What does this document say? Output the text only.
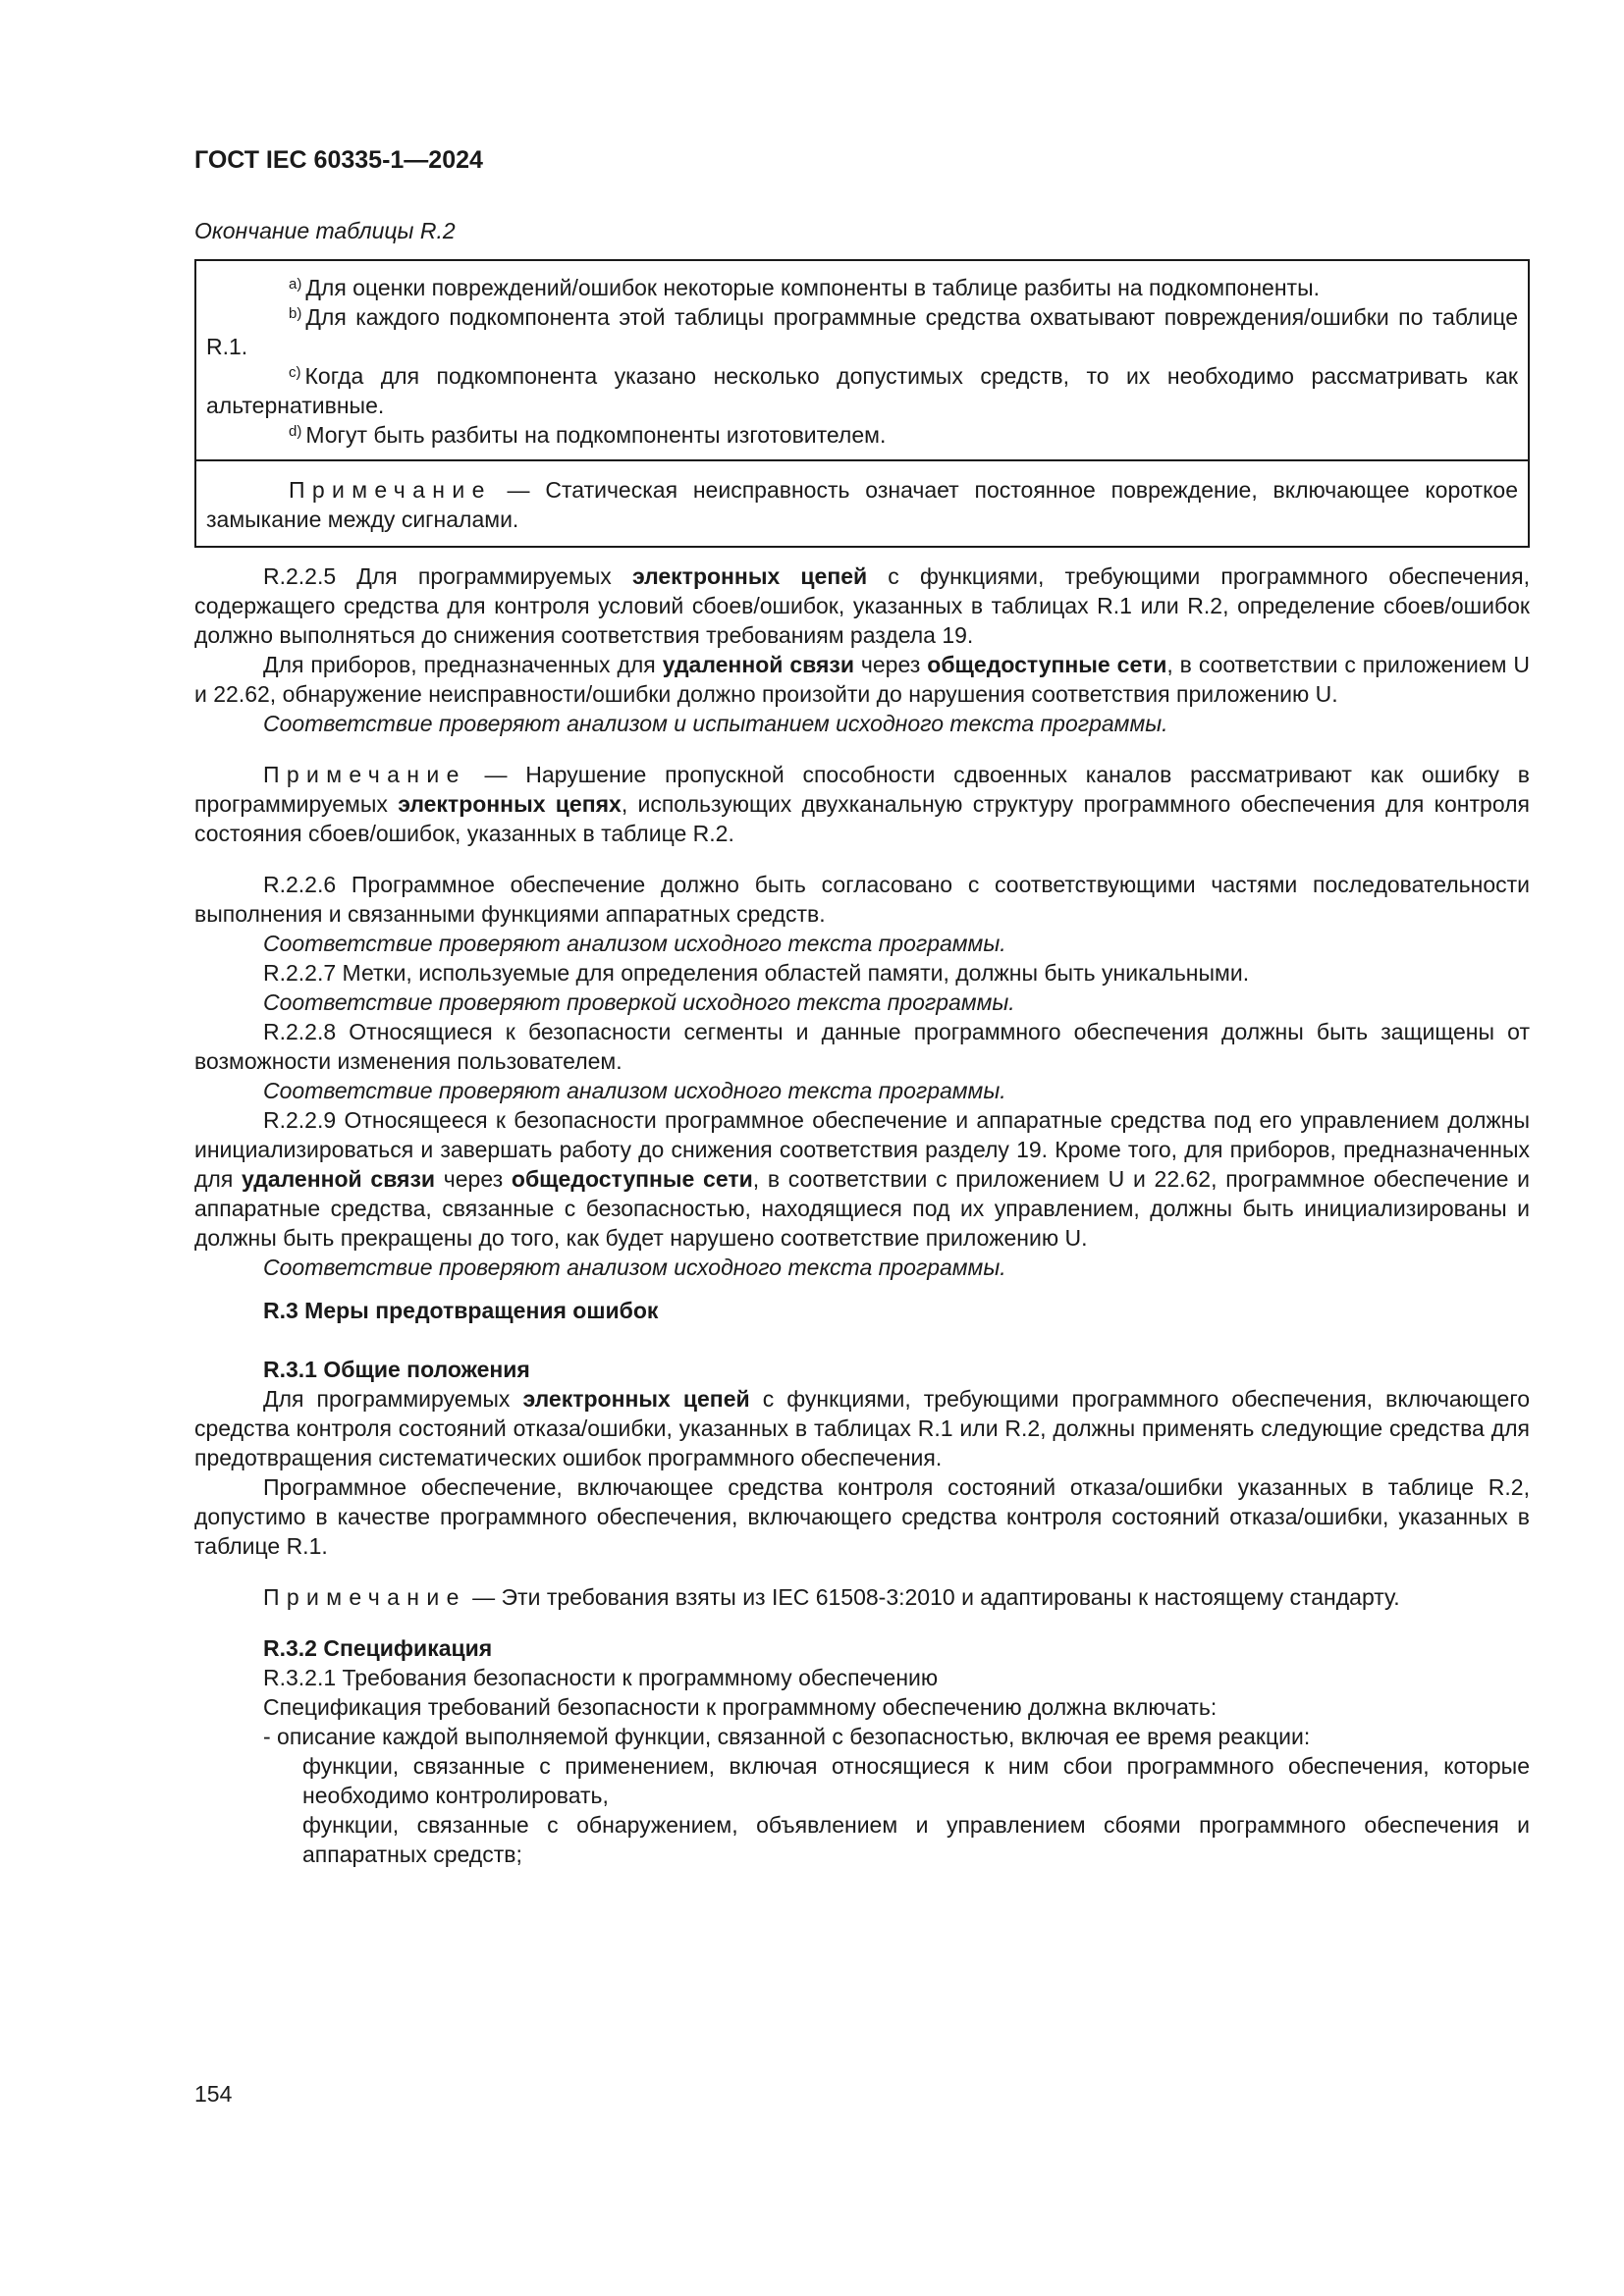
ГОСТ IEC 60335-1—2024
Окончание таблицы R.2

$^{a)}$ Для оценки повреждений/ошибок некоторые компоненты в таблице разбиты на подкомпоненты.

$^{b)}$ Для каждого подкомпонента этой таблицы программные средства охватывают повреждения/ошибки по таблице R.1.

$^{c)}$ Когда для подкомпонента указано несколько допустимых средств, то их необходимо рассматривать как альтернативные.

$^{d)}$ Могут быть разбиты на подкомпоненты изготовителем.

Примечание — Статическая неисправность означает постоянное повреждение, включающее короткое замыкание между сигналами.

R.2.2.5 Для программируемых электронных цепей с функциями, требующими программного обеспечения, содержащего средства для контроля условий сбоев/ошибок, указанных в таблицах R.1 или R.2, определение сбоев/ошибок должно выполняться до снижения соответствия требованиям раздела 19.

Для приборов, предназначенных для удаленной связи через общедоступные сети, в соответствии с приложением U и 22.62, обнаружение неисправности/ошибки должно произойти до нарушения соответствия приложению U.

Соответствие проверяют анализом и испытанием исходного текста программы.

Примечание — Нарушение пропускной способности сдвоенных каналов рассматривают как ошибку в программируемых электронных цепях, использующих двухканальную структуру программного обеспечения для контроля состояния сбоев/ошибок, указанных в таблице R.2.

R.2.2.6 Программное обеспечение должно быть согласовано с соответствующими частями последовательности выполнения и связанными функциями аппаратных средств.

Соответствие проверяют анализом исходного текста программы.

R.2.2.7 Метки, используемые для определения областей памяти, должны быть уникальными.

Соответствие проверяют проверкой исходного текста программы.

R.2.2.8 Относящиеся к безопасности сегменты и данные программного обеспечения должны быть защищены от возможности изменения пользователем.

Соответствие проверяют анализом исходного текста программы.

R.2.2.9 Относящееся к безопасности программное обеспечение и аппаратные средства под его управлением должны инициализироваться и завершать работу до снижения соответствия разделу 19. Кроме того, для приборов, предназначенных для удаленной связи через общедоступные сети, в соответствии с приложением U и 22.62, программное обеспечение и аппаратные средства, связанные с безопасностью, находящиеся под их управлением, должны быть инициализированы и должны быть прекращены до того, как будет нарушено соответствие приложению U.

Соответствие проверяют анализом исходного текста программы.

R.3 Меры предотвращения ошибок

R.3.1 Общие положения

Для программируемых электронных цепей с функциями, требующими программного обеспечения, включающего средства контроля состояний отказа/ошибки, указанных в таблицах R.1 или R.2, должны применять следующие средства для предотвращения систематических ошибок программного обеспечения.

Программное обеспечение, включающее средства контроля состояний отказа/ошибки указанных в таблице R.2, допустимо в качестве программного обеспечения, включающего средства контроля состояний отказа/ошибки, указанных в таблице R.1.

Примечание — Эти требования взяты из IEC 61508-3:2010 и адаптированы к настоящему стандарту.

R.3.2 Спецификация

R.3.2.1 Требования безопасности к программному обеспечению

Спецификация требований безопасности к программному обеспечению должна включать:

- описание каждой выполняемой функции, связанной с безопасностью, включая ее время реакции:

функции, связанные с применением, включая относящиеся к ним сбои программного обеспечения, которые необходимо контролировать,

функции, связанные с обнаружением, объявлением и управлением сбоями программного обеспечения и аппаратных средств;

154
